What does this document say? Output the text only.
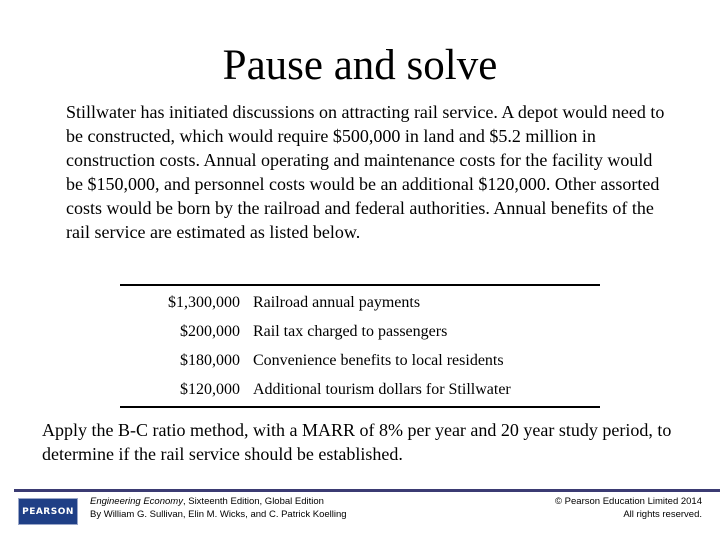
Pause and solve

Stillwater has initiated discussions on attracting rail service. A depot would need to be constructed, which would require $500,000 in land and $5.2 million in construction costs. Annual operating and maintenance costs for the facility would be $150,000, and personnel costs would be an additional $120,000. Other assorted costs would be born by the railroad and federal authorities. Annual benefits of the rail service are estimated as listed below.

$1,300,000 Railroad annual payments
$200,000 Rail tax charged to passengers
$180,000 Convenience benefits to local residents
$120,000 Additional tourism dollars for Stillwater

Apply the B-C ratio method, with a MARR of 8% per year and 20 year study period, to determine if the rail service should be established.

PEARSON
Engineering Economy, Sixteenth Edition, Global Edition
By William G. Sullivan, Elin M. Wicks, and C. Patrick Koelling
© Pearson Education Limited 2014
All rights reserved.
